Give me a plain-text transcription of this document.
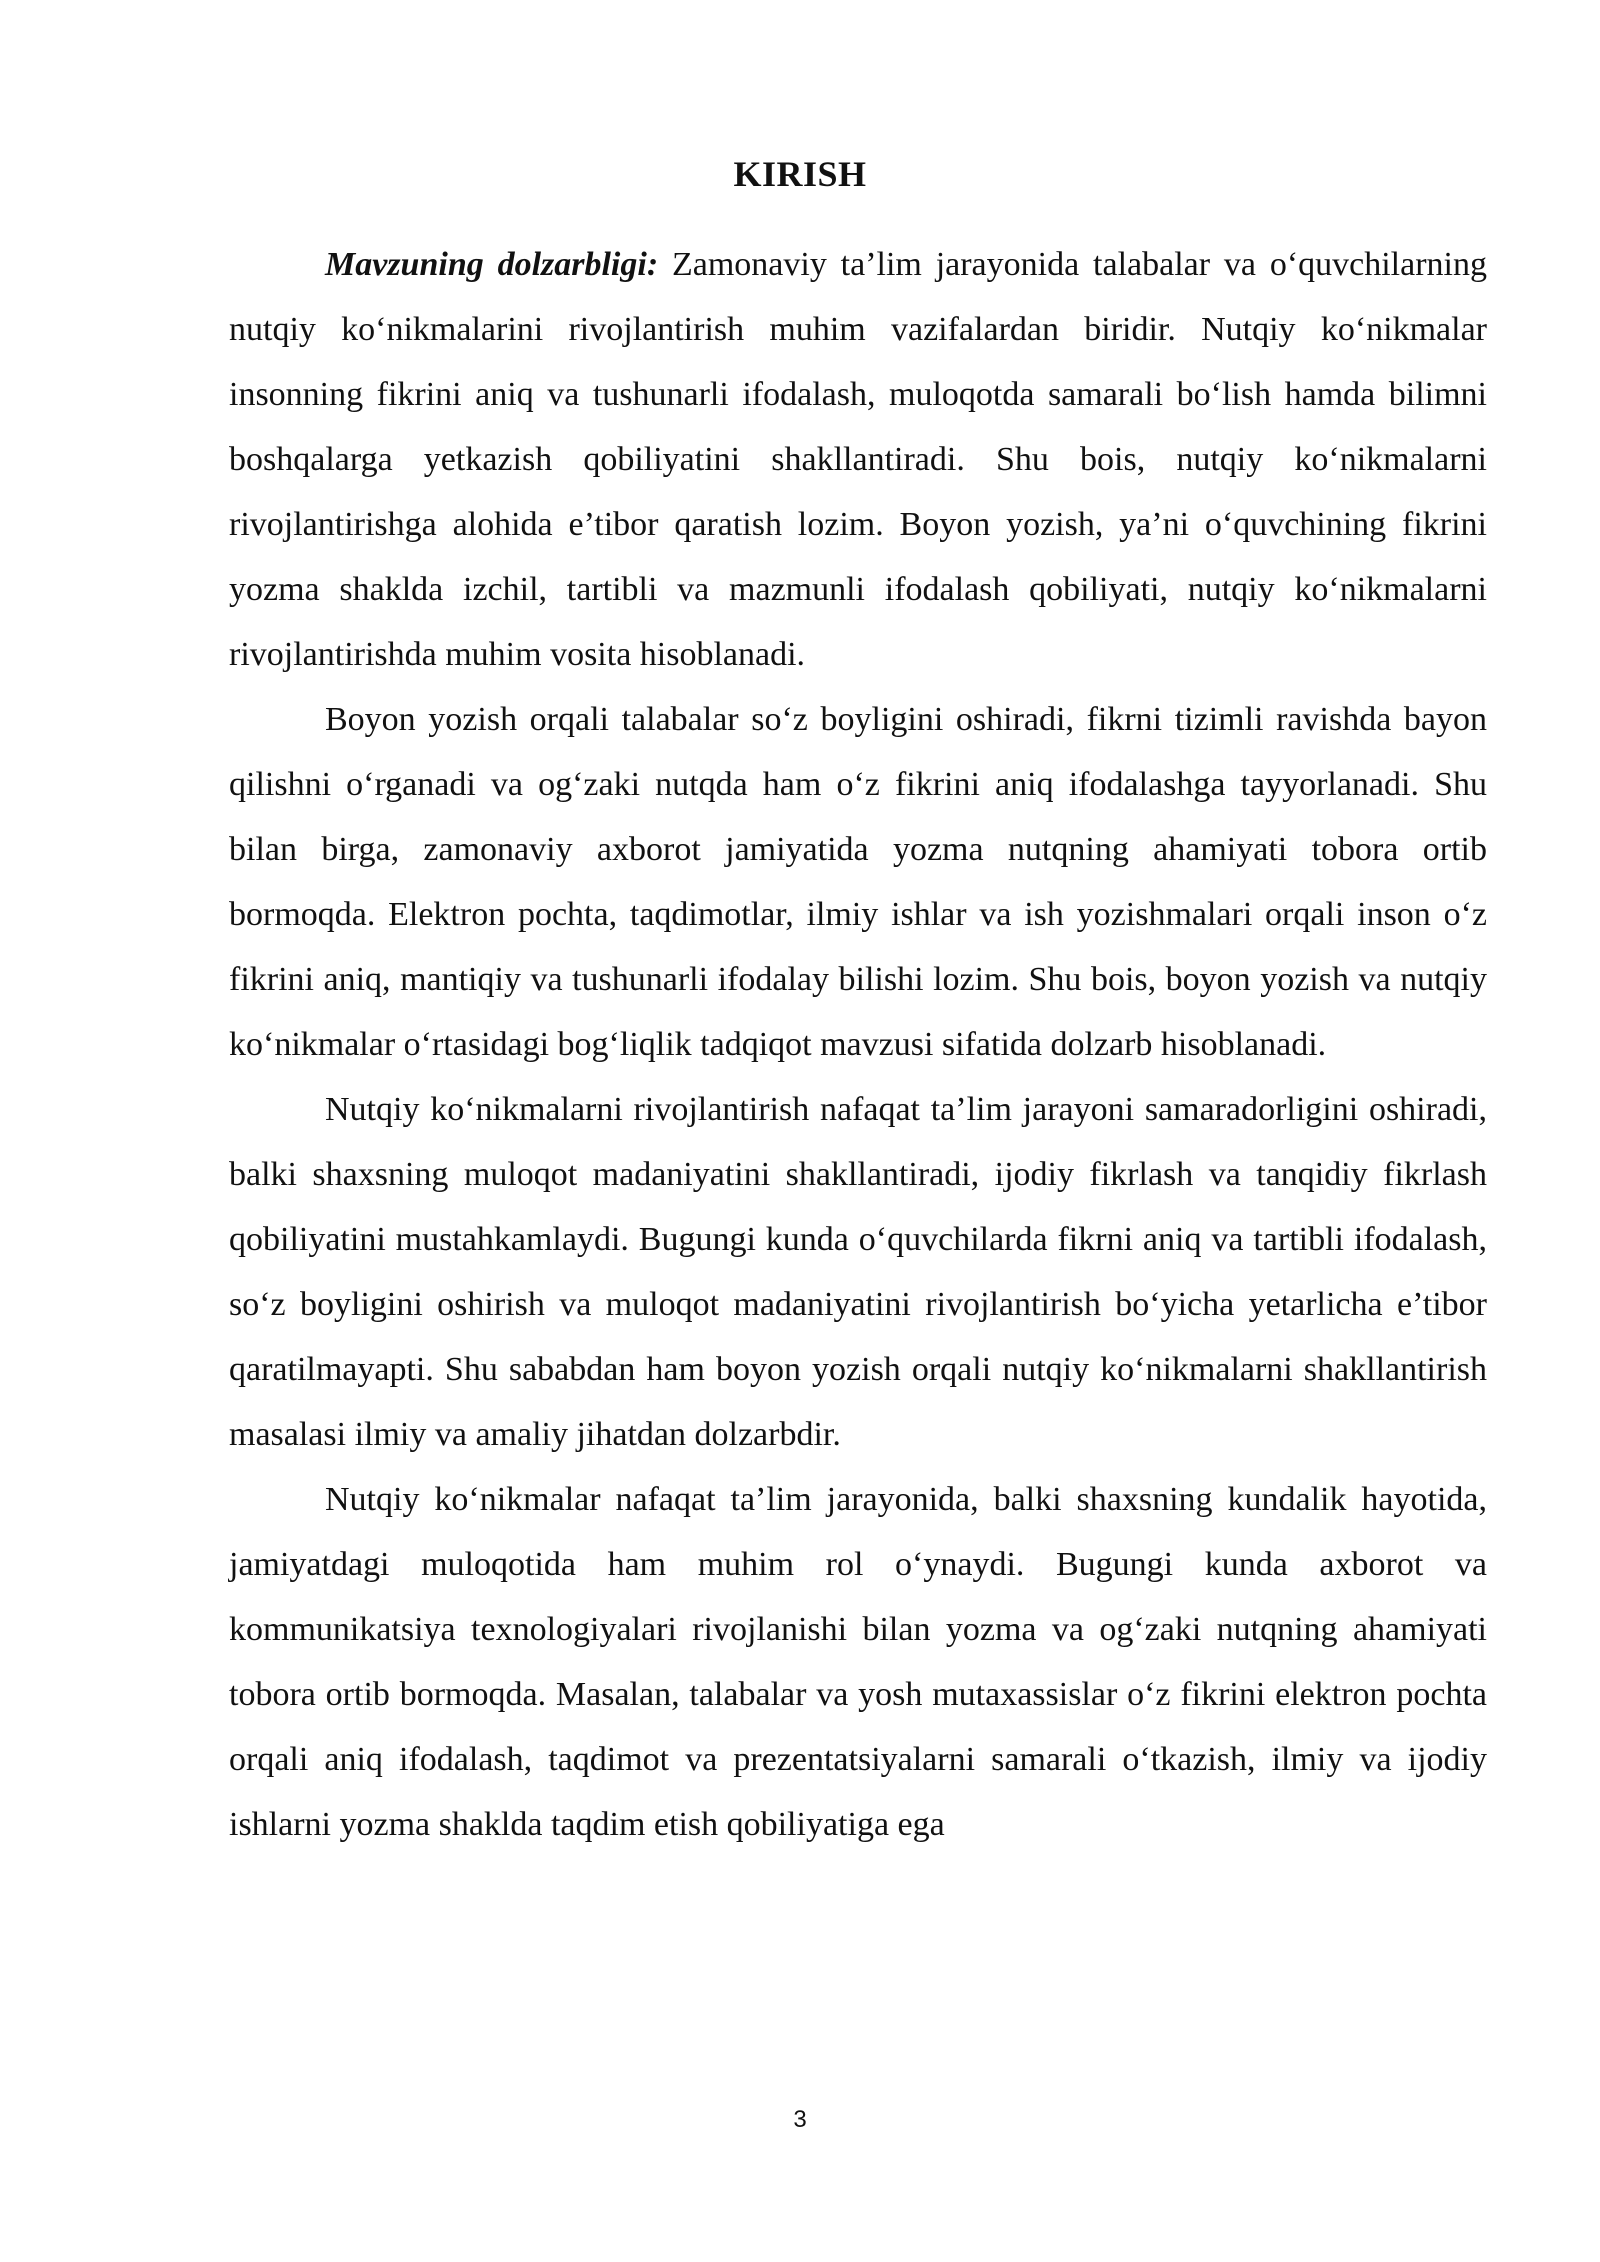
KIRISH

Mavzuning dolzarbligi: Zamonaviy ta’lim jarayonida talabalar va o‘quvchilarning nutqiy ko‘nikmalarini rivojlantirish muhim vazifalardan biridir. Nutqiy ko‘nikmalar insonning fikrini aniq va tushunarli ifodalash, muloqotda samarali bo‘lish hamda bilimni boshqalarga yetkazish qobiliyatini shakllantiradi. Shu bois, nutqiy ko‘nikmalarni rivojlantirishga alohida e’tibor qaratish lozim. Boyon yozish, ya’ni o‘quvchining fikrini yozma shaklda izchil, tartibli va mazmunli ifodalash qobiliyati, nutqiy ko‘nikmalarni rivojlantirishda muhim vosita hisoblanadi.

Boyon yozish orqali talabalar so‘z boyligini oshiradi, fikrni tizimli ravishda bayon qilishni o‘rganadi va og‘zaki nutqda ham o‘z fikrini aniq ifodalashga tayyorlanadi. Shu bilan birga, zamonaviy axborot jamiyatida yozma nutqning ahamiyati tobora ortib bormoqda. Elektron pochta, taqdimotlar, ilmiy ishlar va ish yozishmalari orqali inson o‘z fikrini aniq, mantiqiy va tushunarli ifodalay bilishi lozim. Shu bois, boyon yozish va nutqiy ko‘nikmalar o‘rtasidagi bog‘liqlik tadqiqot mavzusi sifatida dolzarb hisoblanadi.

Nutqiy ko‘nikmalarni rivojlantirish nafaqat ta’lim jarayoni samaradorligini oshiradi, balki shaxsning muloqot madaniyatini shakllantiradi, ijodiy fikrlash va tanqidiy fikrlash qobiliyatini mustahkamlaydi. Bugungi kunda o‘quvchilarda fikrni aniq va tartibli ifodalash, so‘z boyligini oshirish va muloqot madaniyatini rivojlantirish bo‘yicha yetarlicha e’tibor qaratilmayapti. Shu sababdan ham boyon yozish orqali nutqiy ko‘nikmalarni shakllantirish masalasi ilmiy va amaliy jihatdan dolzarbdir.

Nutqiy ko‘nikmalar nafaqat ta’lim jarayonida, balki shaxsning kundalik hayotida, jamiyatdagi muloqotida ham muhim rol o‘ynaydi. Bugungi kunda axborot va kommunikatsiya texnologiyalari rivojlanishi bilan yozma va og‘zaki nutqning ahamiyati tobora ortib bormoqda. Masalan, talabalar va yosh mutaxassislar o‘z fikrini elektron pochta orqali aniq ifodalash, taqdimot va prezentatsiyalarni samarali o‘tkazish, ilmiy va ijodiy ishlarni yozma shaklda taqdim etish qobiliyatiga ega

3
